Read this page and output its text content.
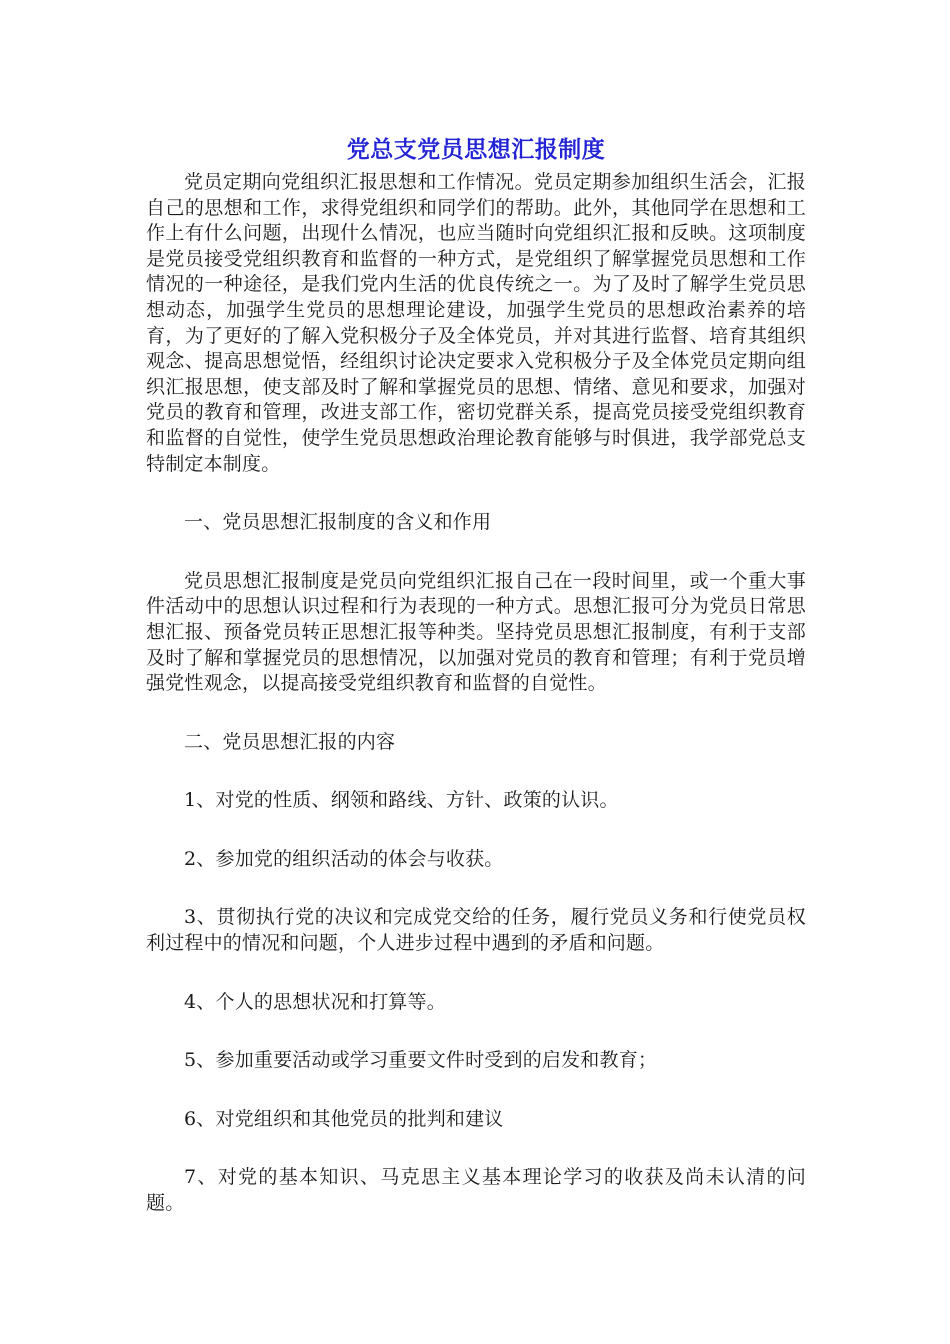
党总支党员思想汇报制度

党员定期向党组织汇报思想和工作情况。党员定期参加组织生活会，汇报自己的思想和工作，求得党组织和同学们的帮助。此外，其他同学在思想和工作上有什么问题，出现什么情况，也应当随时向党组织汇报和反映。这项制度是党员接受党组织教育和监督的一种方式，是党组织了解掌握党员思想和工作情况的一种途径，是我们党内生活的优良传统之一。为了及时了解学生党员思想动态，加强学生党员的思想理论建设，加强学生党员的思想政治素养的培育，为了更好的了解入党积极分子及全体党员，并对其进行监督、培育其组织观念、提高思想觉悟，经组织讨论决定要求入党积极分子及全体党员定期向组织汇报思想，使支部及时了解和掌握党员的思想、情绪、意见和要求，加强对党员的教育和管理，改进支部工作，密切党群关系，提高党员接受党组织教育和监督的自觉性，使学生党员思想政治理论教育能够与时俱进，我学部党总支特制定本制度。

一、党员思想汇报制度的含义和作用

党员思想汇报制度是党员向党组织汇报自己在一段时间里，或一个重大事件活动中的思想认识过程和行为表现的一种方式。思想汇报可分为党员日常思想汇报、预备党员转正思想汇报等种类。坚持党员思想汇报制度，有利于支部及时了解和掌握党员的思想情况，以加强对党员的教育和管理；有利于党员增强党性观念，以提高接受党组织教育和监督的自觉性。

二、党员思想汇报的内容

1、对党的性质、纲领和路线、方针、政策的认识。

2、参加党的组织活动的体会与收获。

3、贯彻执行党的决议和完成党交给的任务，履行党员义务和行使党员权利过程中的情况和问题，个人进步过程中遇到的矛盾和问题。

4、个人的思想状况和打算等。

5、参加重要活动或学习重要文件时受到的启发和教育；

6、对党组织和其他党员的批判和建议

7、对党的基本知识、马克思主义基本理论学习的收获及尚未认清的问题。
